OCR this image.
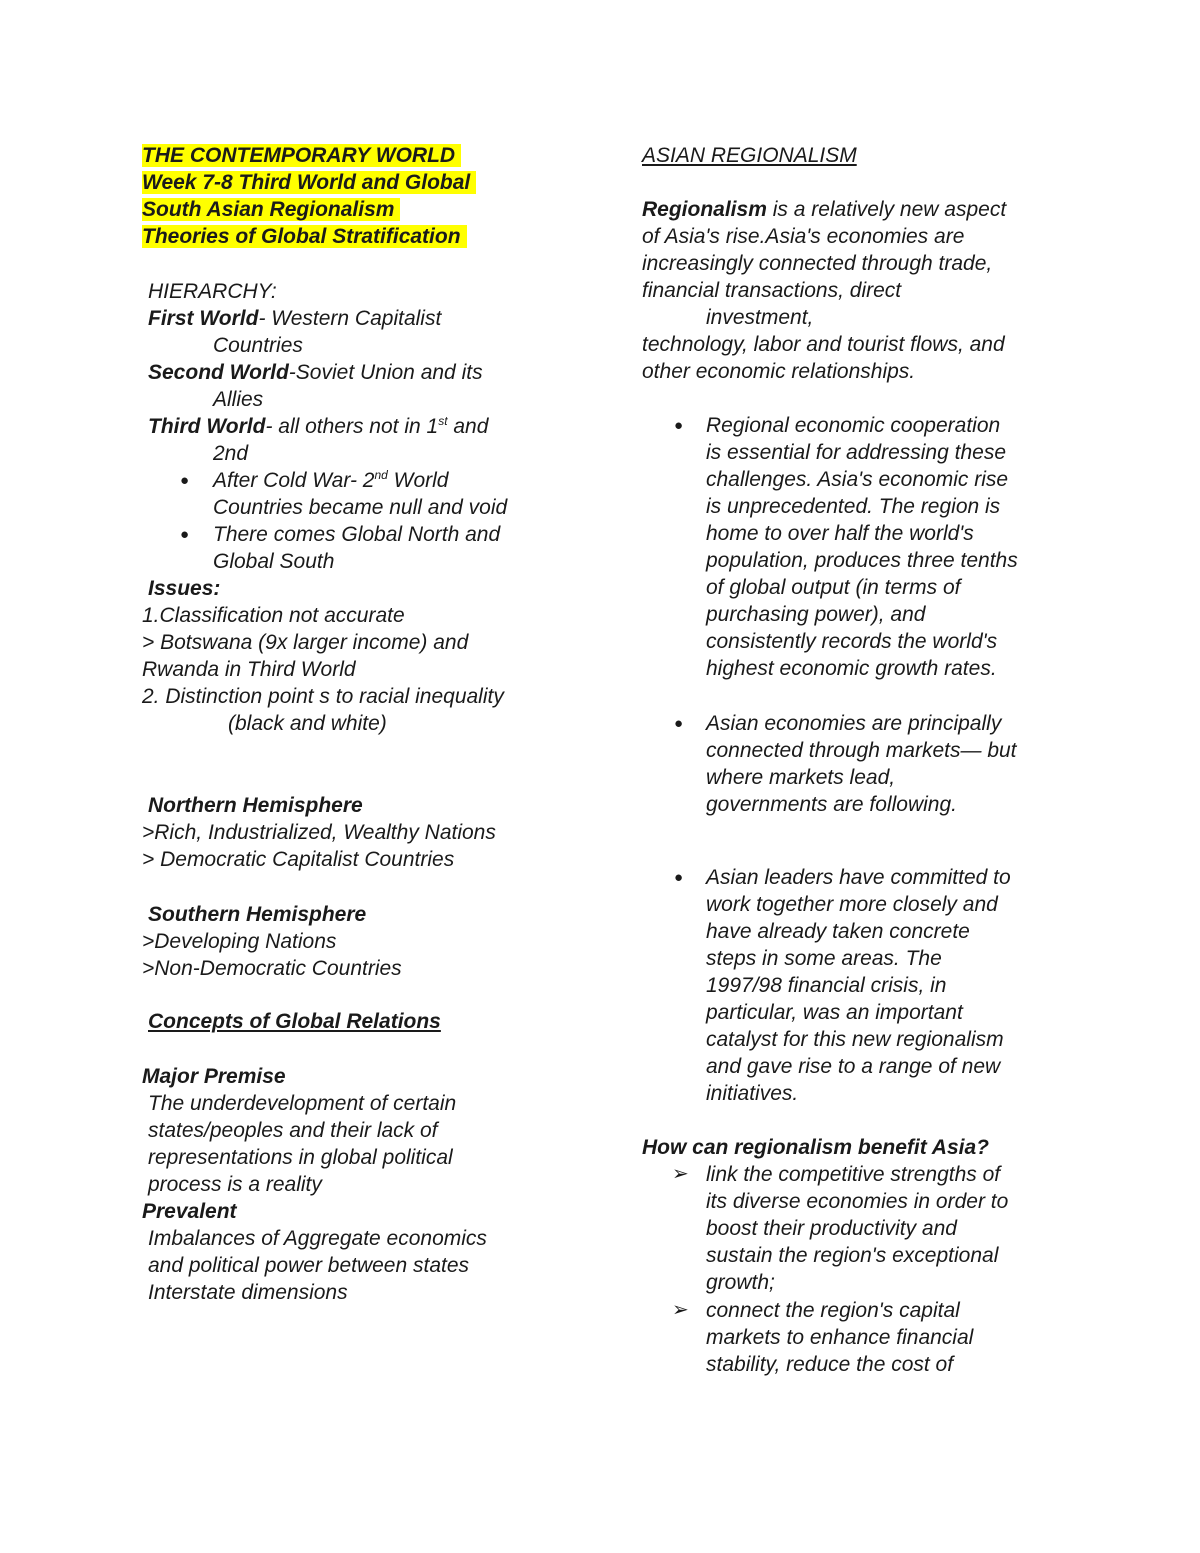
THE CONTEMPORARY WORLD
Week 7-8 Third World and Global
South Asian Regionalism
Theories of Global Stratification
HIERARCHY:
First World- Western Capitalist
Countries
Second World-Soviet Union and its
Allies
Third World- all others not in 1st and
2nd
● After Cold War- 2nd World
Countries became null and void
● There comes Global North and
Global South
Issues:
1.Classification not accurate
> Botswana (9x larger income) and
Rwanda in Third World
2. Distinction point s to racial inequality
(black and white)
Northern Hemisphere
>Rich, Industrialized, Wealthy Nations
> Democratic Capitalist Countries
Southern Hemisphere
>Developing Nations
>Non-Democratic Countries
Concepts of Global Relations
Major Premise
The underdevelopment of certain
states/peoples and their lack of
representations in global political
process is a reality
Prevalent
Imbalances of Aggregate economics
and political power between states
Interstate dimensions
ASIAN REGIONALISM
Regionalism is a relatively new aspect
of Asia's rise.Asia's economies are
increasingly connected through trade,
financial transactions, direct
investment,
technology, labor and tourist flows, and
other economic relationships.
● Regional economic cooperation
is essential for addressing these
challenges. Asia's economic rise
is unprecedented. The region is
home to over half the world's
population, produces three tenths
of global output (in terms of
purchasing power), and
consistently records the world's
highest economic growth rates.
● Asian economies are principally
connected through markets— but
where markets lead,
governments are following.
● Asian leaders have committed to
work together more closely and
have already taken concrete
steps in some areas. The
1997/98 financial crisis, in
particular, was an important
catalyst for this new regionalism
and gave rise to a range of new
initiatives.
How can regionalism benefit Asia?
➢ link the competitive strengths of
its diverse economies in order to
boost their productivity and
sustain the region's exceptional
growth;
➢ connect the region's capital
markets to enhance financial
stability, reduce the cost of
